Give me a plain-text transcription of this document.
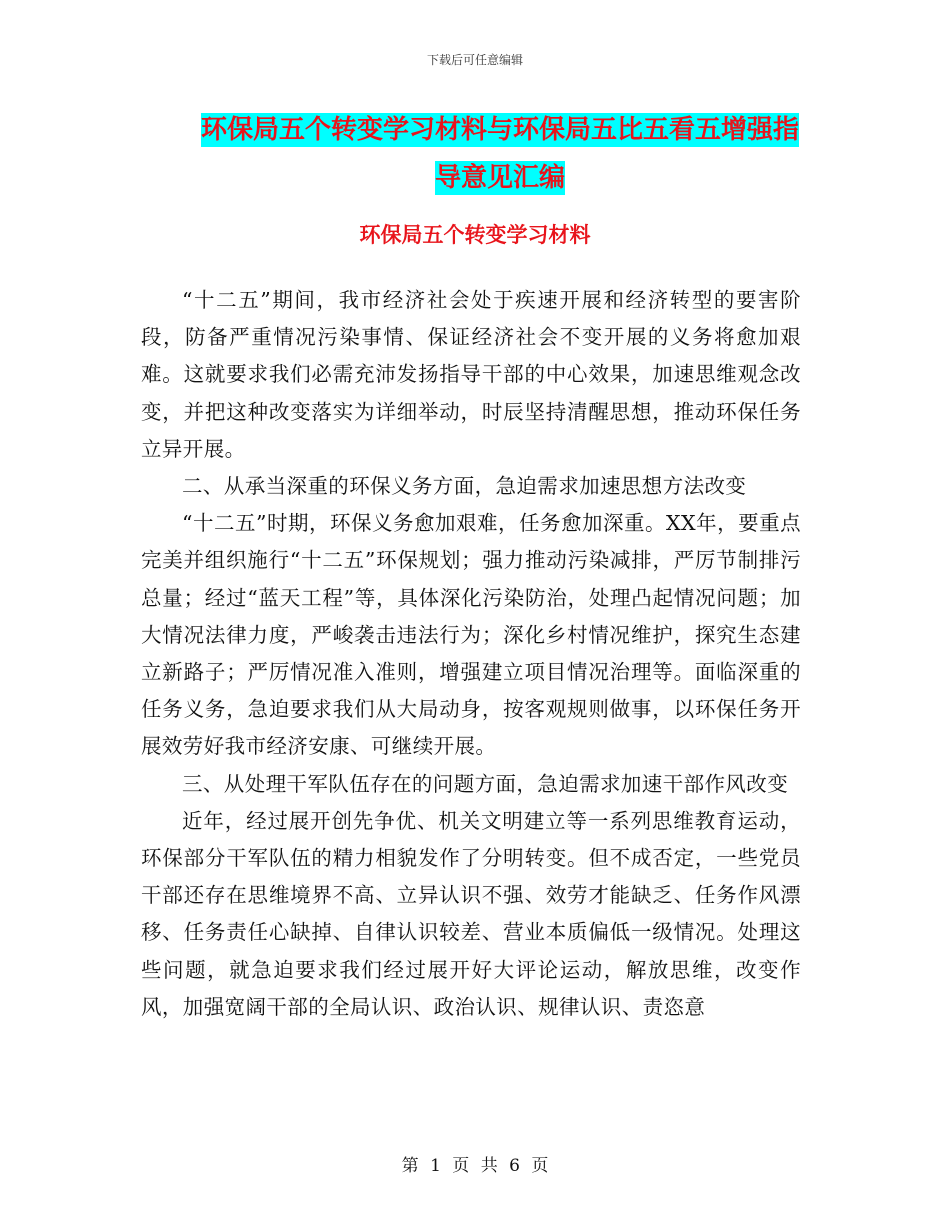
下载后可任意编辑
环保局五个转变学习材料与环保局五比五看五增强指
导意见汇编
环保局五个转变学习材料

“十二五”期间，我市经济社会处于疾速开展和经济转型的要害阶段，防备严重情况污染事情、保证经济社会不变开展的义务将愈加艰难。这就要求我们必需充沛发扬指导干部的中心效果，加速思维观念改变，并把这种改变落实为详细举动，时辰坚持清醒思想，推动环保任务立异开展。

二、从承当深重的环保义务方面，急迫需求加速思想方法改变

“十二五”时期，环保义务愈加艰难，任务愈加深重。XX年，要重点完美并组织施行“十二五”环保规划；强力推动污染减排，严厉节制排污总量；经过“蓝天工程”等，具体深化污染防治，处理凸起情况问题；加大情况法律力度，严峻袭击违法行为；深化乡村情况维护，探究生态建立新路子；严厉情况准入准则，增强建立项目情况治理等。面临深重的任务义务，急迫要求我们从大局动身，按客观规则做事，以环保任务开展效劳好我市经济安康、可继续开展。

三、从处理干军队伍存在的问题方面，急迫需求加速干部作风改变

近年，经过展开创先争优、机关文明建立等一系列思维教育运动，环保部分干军队伍的精力相貌发作了分明转变。但不成否定，一些党员干部还存在思维境界不高、立异认识不强、效劳才能缺乏、任务作风漂移、任务责任心缺掉、自律认识较差、营业本质偏低一级情况。处理这些问题，就急迫要求我们经过展开好大评论运动，解放思维，改变作风，加强宽阔干部的全局认识、政治认识、规律认识、责恣意

第 1 页 共 6 页
